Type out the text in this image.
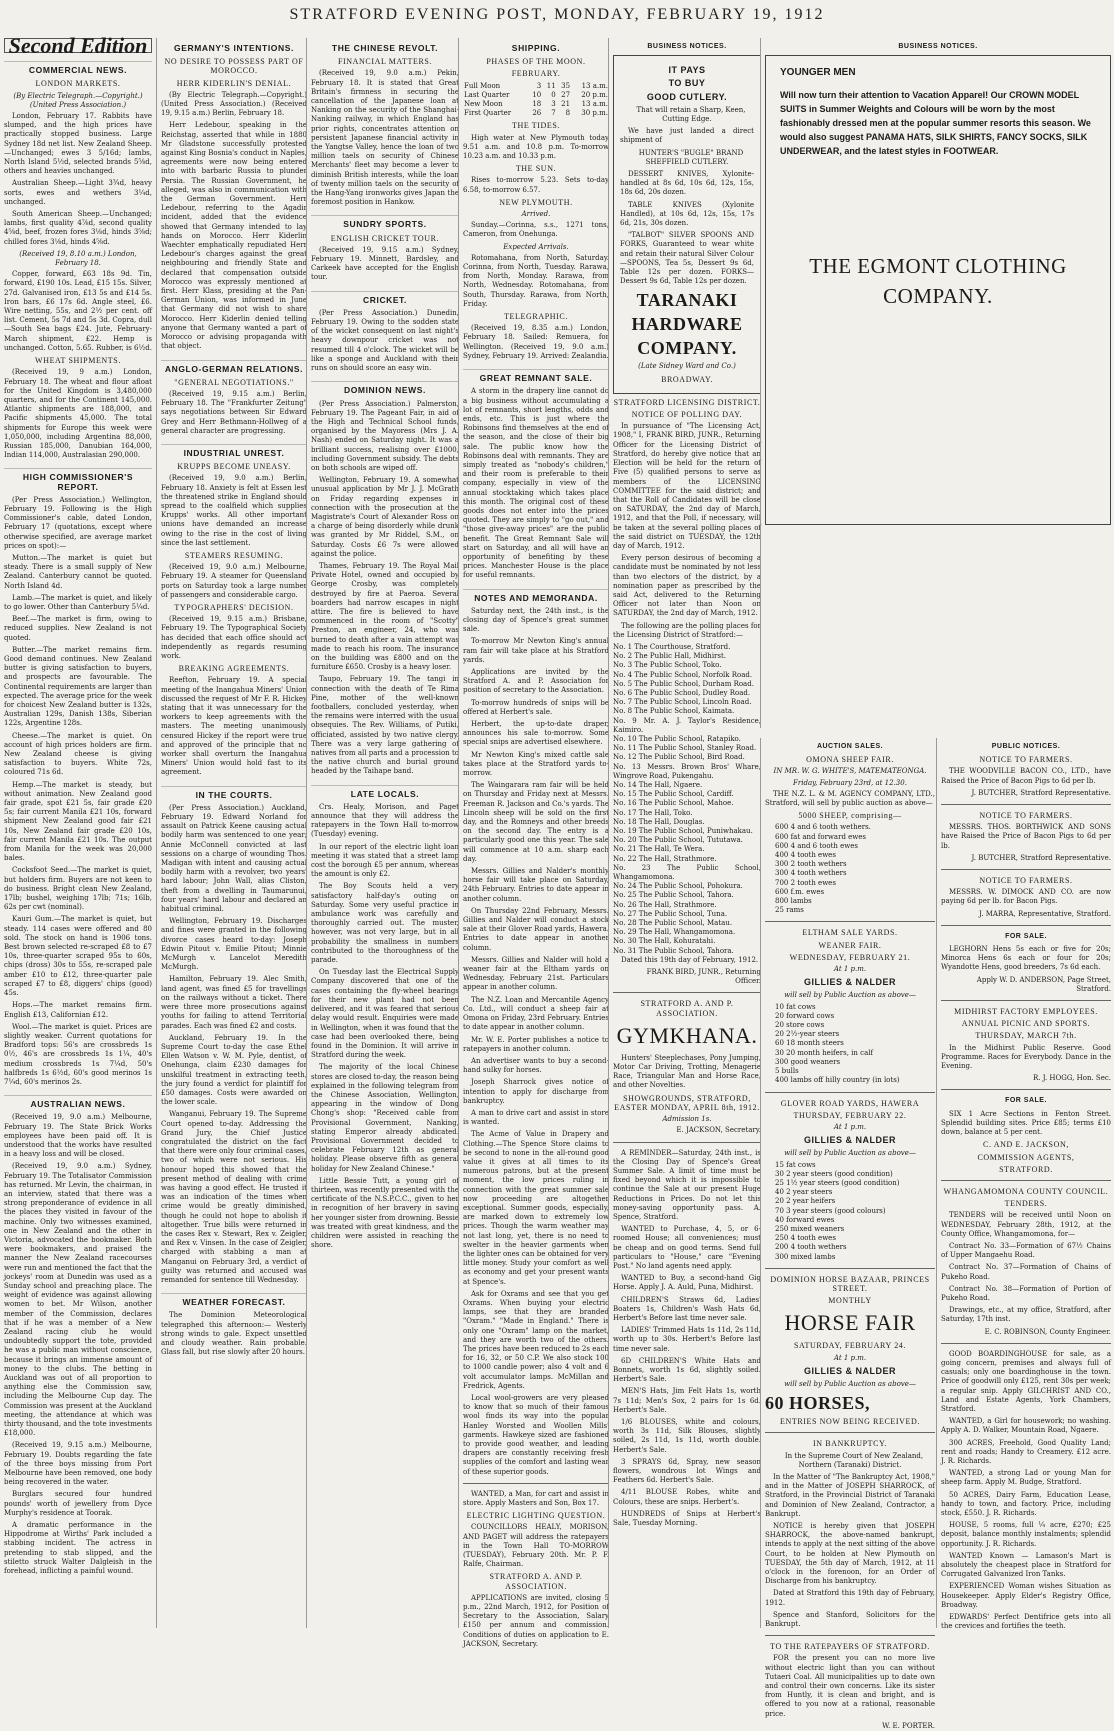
STRATFORD EVENING POST, MONDAY, FEBRUARY 19, 1912
Second Edition
COMMERCIAL NEWS.
LONDON MARKETS.
(By Electric Telegraph.—Copyright.) (United Press Association.)

London, February 17. Rabbits have slumped, and the high prices have practically stopped business. Large Sydney 18d net list. New Zealand Sheep.—Unchanged; ewes 3 5/16d; lambs, North Island 5½d, selected brands 5⅝d, others and heavies unchanged.

Australian Sheep.—Light 3¾d, heavy sorts, ewes and wethers 3¼d, unchanged.

South American Sheep.—Unchanged; lambs, first quality 4⅞d, second quality 4⅝d, beef, frozen fores 3⅛d, hinds 3⅝d; chilled fores 3⅛d, hinds 4⅝d.

(Received 19, 8.10 a.m.) London, February 18.

Copper, forward, £63 18s 9d. Tin, forward, £190 10s. Lead, £15 15s. Silver, 27d. Galvanised iron, £13 5s and £14 5s. Iron bars, £6 17s 6d. Angle steel, £6. Wire netting, 55s, and 2½ per cent. off list. Cement, 5s 7d and 5s 3d. Copra, dull—South Sea bags £24. Jute, February-March shipment, £22. Hemp is unchanged. Cotton, 5.65. Rubber, is 6½d.

WHEAT SHIPMENTS.

(Received 19, 9 a.m.) London, February 18. The wheat and flour afloat for the United Kingdom is 3,480,000 quarters, and for the Continent 145,000. Atlantic shipments are 188,000, and Pacific shipments 45,000. The total shipments for Europe this week were 1,050,000, including Argentina 88,000, Russian 185,000, Danubian 164,000, Indian 114,000, Australasian 290,000.

HIGH COMMISSIONER'S REPORT.

(Per Press Association.) Wellington, February 19. Following is the High Commissioner's cable, dated London, February 17 (quotations, except where otherwise specified, are average market prices on spot):—

Mutton.—The market is quiet but steady. There is a small supply of New Zealand. Canterbury cannot be quoted. North Island 4d.

Lamb.—The market is quiet, and likely to go lower. Other than Canterbury 5¼d.

Beef.—The market is firm, owing to reduced supplies. New Zealand is not quoted.

Butter.—The market remains firm. Good demand continues. New Zealand butter is giving satisfaction to buyers, and prospects are favourable. The Continental requirements are larger than expected. The average price for the week for choicest New Zealand butter is 132s, Australian 129s, Danish 138s, Siberian 122s, Argentine 128s.

Cheese.—The market is quiet. On account of high prices holders are firm. New Zealand cheese is giving satisfaction to buyers. White 72s, coloured 71s 6d.

Hemp.—The market is steady, but without animation. New Zealand good fair grade, spot £21 5s, fair grade £20 5s; fair current Manila £21 10s, forward shipment New Zealand good fair £21 10s, New Zealand fair grade £20 10s, fair current Manila £21 10s. The output from Manila for the week was 20,000 bales.

Cocksfoot Seed.—The market is quiet, but holders firm. Buyers are not keen to do business. Bright clean New Zealand, 17lb; bushel, weighing 17lb; 71s; 16lb, 62s per cwt (nominal).

Kauri Gum.—The market is quiet, but steady. 114 cases were offered and 80 sold. The stock on hand is 1906 tons. Best brown selected re-scraped £8 to £7 10s, three-quarter scraped 95s to 60s, chips (dross) 30s to 55s, re-scraped pale amber £10 to £12, three-quarter pale scraped £7 to £8, diggers' chips (good) 45s.

Hops.—The market remains firm. English £13, Californian £12.

Wool.—The market is quiet. Prices are slightly weaker. Current quotations for Bradford tops: 56's are crossbreds 1s 0½, 46's are crossbreds 1s 1¼, 40's medium crossbreds 1s 7¼d, 50's halfbreds 1s 6½d, 60's good merinos 1s 7¼d, 60's merinos 2s.

AUSTRALIAN NEWS.

(Received 19, 9.0 a.m.) Melbourne, February 19. The State Brick Works employees have been paid off. It is understood that the works have resulted in a heavy loss and will be closed.

(Received 19, 9.0 a.m.) Sydney, February 19. The Totalisator Commission has returned. Mr Levin, the chairman, in an interview, stated that there was a strong preponderance of evidence in all the places they visited in favour of the machine. Only two witnesses examined, one in New Zealand and the other in Victoria, advocated the bookmaker. Both were bookmakers, and praised the manner the New Zealand racecourses were run and mentioned the fact that the jockeys' room at Dunedin was used as a Sunday school and preaching place. The weight of evidence was against allowing women to bet. Mr Wilson, another member of the Commission, declares that if he was a member of a New Zealand racing club he would undoubtedly support the tote, provided he was a public man without conscience, because it brings an immense amount of money to the clubs. The betting in Auckland was out of all proportion to anything else the Commission saw, including the Melbourne Cup day. The Commission was present at the Auckland meeting, the attendance at which was thirty thousand, and the tote investments £18,000.

(Received 19, 9.15 a.m.) Melbourne, February 19. Doubts regarding the fate of the three boys missing from Port Melbourne have been removed, one body being recovered in the water.

Burglars secured four hundred pounds' worth of jewellery from Dyce Murphy's residence at Toorak.

A dramatic performance in the Hippodrome at Wirths' Park included a stabbing incident. The actress in pretending to stab slipped, and the stiletto struck Walter Dalgleish in the forehead, inflicting a painful wound.

GERMANY'S INTENTIONS.
NO DESIRE TO POSSESS PART OF MOROCCO.
HERR KIDERLIN'S DENIAL.

(By Electric Telegraph.—Copyright.) (United Press Association.) (Received 19, 9.15 a.m.) Berlin, February 18.

Herr Ledebour, speaking in the Reichstag, asserted that while in 1880 Mr Gladstone successfully protested against King Bosnia's conduct in Naples, agreements were now being entered into with barbaric Russia to plunder Persia. The Russian Government, he alleged, was also in communication with the German Government. Herr Ledebour, referring to the Agadir incident, added that the evidence showed that Germany intended to lay hands on Morocco. Herr Kiderlin Waechter emphatically repudiated Herr Ledebour's charges against the great neighbouring and friendly State and declared that compensation outside Morocco was expressly mentioned at first. Herr Klass, presiding at the Pan-German Union, was informed in June that Germany did not wish to share Morocco. Herr Kiderlin denied telling anyone that Germany wanted a part of Morocco or advising propaganda with that object.

ANGLO-GERMAN RELATIONS.
"GENERAL NEGOTIATIONS."

(Received 19, 9.15 a.m.) Berlin, February 18. The "Frankfurter Zeitung" says negotiations between Sir Edward Grey and Herr Bethmann-Hollweg of a general character are progressing.

INDUSTRIAL UNREST.
KRUPPS BECOME UNEASY.

(Received 19, 9.0 a.m.) Berlin, February 18. Anxiety is felt at Essen lest the threatened strike in England should spread to the coalfield which supplies Krupps' works. All other important unions have demanded an increase owing to the rise in the cost of living since the last settlement.

STEAMERS RESUMING.

(Received 19, 9.0 a.m.) Melbourne, February 19. A steamer for Queensland ports on Saturday took a large number of passengers and considerable cargo.

TYPOGRAPHERS' DECISION.

(Received 19, 9.15 a.m.) Brisbane, February 19. The Typographical Society has decided that each office should act independently as regards resuming work.

BREAKING AGREEMENTS.

Reefton, February 19. A special meeting of the Inangahua Miners' Union discussed the request of Mr F. R. Hickey stating that it was unnecessary for the workers to keep agreements with the masters. The meeting unanimously censured Hickey if the report were true and approved of the principle that no worker shall overturn the Inangahua Miners' Union would hold fast to its agreement.

IN THE COURTS.

(Per Press Association.) Auckland, February 19. Edward Norland for assault on Patrick Keene causing actual bodily harm was sentenced to one year; Annie McConnell convicted at last sessions on a charge of wounding Thos. Madigan with intent and causing actual bodily harm with a revolver, two years' hard labour; John Wall, alias Cliston, theft from a dwelling in Taumarunui, four years' hard labour and declared an habitual criminal.

Wellington, February 19. Discharges and fines were granted in the following divorce cases heard to-day: Joseph Edwin Pitout v. Emilie Pitout; Minnie McMurgh v. Lancelot Meredith McMurgh.

Hamilton, February 19. Alec Smith, land agent, was fined £5 for travellings on the railways without a ticket. There were three more prosecutions against youths for failing to attend Territorial parades. Each was fined £2 and costs.

Auckland, February 19. In the Supreme Court to-day the case Ethel Ellen Watson v. W. M. Pyle, dentist, of Onehunga, claim £230 damages for unskilful treatment in extracting teeth, the jury found a verdict for plaintiff for £50 damages. Costs were awarded on the lower scale.

Wanganui, February 19. The Supreme Court opened to-day. Addressing the Grand Jury, the Chief Justice congratulated the district on the fact that there were only four criminal cases, two of which were not serious. His honour hoped this showed that the present method of dealing with crime was having a good effect. He trusted it was an indication of the times when crime would be greatly diminished, though he could not hope to abolish it altogether. True bills were returned in the cases Rex v. Stewart, Rex v. Zeigler, and Rex v. Vinsen. In the case of Zeigler, charged with stabbing a man at Manganui on February 3rd, a verdict of guilty was returned and accused was remanded for sentence till Wednesday.

WEATHER FORECAST.

The Dominion Meteorological telegraphed this afternoon:— Westerly strong winds to gale. Expect unsettled and cloudy weather. Rain probable. Glass fall, but rise slowly after 20 hours.

THE CHINESE REVOLT.
FINANCIAL MATTERS.

(Received 19, 9.0 a.m.) Pekin, February 18. It is stated that Great Britain's firmness in securing the cancellation of the Japanese loan at Nanking on the security of the Shanghai-Nanking railway, in which England has prior rights, concentrates attention on persistent Japanese financial activity in the Yangtse Valley, hence the loan of two million taels on security of Chinese Merchants' fleet may become a lever to diminish British interests, while the loan of twenty million taels on the security of the Hang-Yang ironworks gives Japan the foremost position in Hankow.

SUNDRY SPORTS.
ENGLISH CRICKET TOUR.

(Received 19, 9.15 a.m.) Sydney, February 19. Minnett, Bardsley, and Carkeek have accepted for the English tour.

CRICKET.

(Per Press Association.) Dunedin, February 19. Owing to the sodden state of the wicket consequent on last night's heavy downpour cricket was not resumed till 4 o'clock. The wicket will be like a sponge and Auckland with their runs on should score an easy win.

DOMINION NEWS.

(Per Press Association.) Palmerston, February 19. The Pageant Fair, in aid of the High and Technical School funds, organised by the Mayoress (Mrs J. A. Nash) ended on Saturday night. It was a brilliant success, realising over £1000, including Government subsidy. The debts on both schools are wiped off.

Wellington, February 19. A somewhat unusual application by Mr J. J. McGrath on Friday regarding expenses in connection with the prosecution at the Magistrate's Court of Alexander Ross on a charge of being disorderly while drunk was granted by Mr Riddel, S.M., on Saturday. Costs £6 7s were allowed against the police.

Thames, February 19. The Royal Mail Private Hotel, owned and occupied by George Crosby, was completely destroyed by fire at Paeroa. Several boarders had narrow escapes in night attire. The fire is believed to have commenced in the room of "Scotty" Preston, an engineer, 24, who was burned to death after a vain attempt was made to reach his room. The insurance on the building was £800 and on the furniture £650. Crosby is a heavy loser.

Taupo, February 19. The tangi in connection with the death of Te Rima Pine, mother of the well-known footballers, concluded yesterday, when the remains were interred with the usual obsequies. The Rev. Williams, of Putiki, officiated, assisted by two native clergy. There was a very large gathering of natives from all parts and a procession to the native church and burial ground headed by the Taihape band.

LATE LOCALS.

Crs. Healy, Morison, and Paget announce that they will address the ratepayers in the Town Hall to-morrow (Tuesday) evening.

In our report of the electric light loan meeting it was stated that a street lamp cost the borough £5 per annum, whereas the amount is only £2.

The Boy Scouts held a very satisfactory half-day's outing on Saturday. Some very useful practice in ambulance work was carefully and thoroughly carried out. The muster, however, was not very large, but in all probability the smallness in numbers contributed to the thoroughness of the parade.

On Tuesday last the Electrical Supply Company discovered that one of the cases containing the fly-wheel bearings for their new plant had not been delivered, and it was feared that serious delay would result. Enquiries were made in Wellington, when it was found that the case had been overlooked there, being found in the Dominion. It will arrive in Stratford during the week.

The majority of the local Chinese stores are closed to-day, the reason being explained in the following telegram from the Chinese Association, Wellington, appearing in the window of Dong Chong's shop: "Received cable from Provisional Government, Nanking, stating Emperor already abdicated. Provisional Government decided to celebrate February 12th as general holiday. Please observe fifth as general holiday for New Zealand Chinese."

Little Bessie Tutt, a young girl of thirteen, was recently presented with the certificate of the N.S.P.C.C., given to her in recognition of her bravery in saving her younger sister from drowning. Bessie was treated with great kindness, and the children were assisted in reaching the shore.

SHIPPING.
PHASES OF THE MOON.
FEBRUARY.
Full Moon	3	11	35	13 a.m.
Last Quarter	10	0	27	20 p.m.
New Moon	18	3	21	13 a.m.
First Quarter	26	7	8	30 p.m.
THE TIDES.

High water at New Plymouth today 9.51 a.m. and 10.8 p.m. To-morrow 10.23 a.m. and 10.33 p.m.

THE SUN.

Rises to-morrow 5.23. Sets to-day 6.58, to-morrow 6.57.

NEW PLYMOUTH.
Arrived.

Sunday.—Corinna, s.s., 1271 tons, Cameron, from Onehunga.

Expected Arrivals.

Rotomahana, from North, Saturday. Corinna, from North, Tuesday. Rarawa, from North, Monday. Rarawa, from North, Wednesday. Rotomahana, from South, Thursday. Rarawa, from North, Friday.

TELEGRAPHIC.

(Received 19, 8.35 a.m.) London, February 18. Sailed: Remuera, for Wellington. (Received 19, 9.0 a.m.) Sydney, February 19. Arrived: Zealandia.

GREAT REMNANT SALE.

A storm in the drapery line cannot do a big business without accumulating a lot of remnants, short lengths, odds and ends, etc. This is just where the Robinsons find themselves at the end of the season, and the close of their big sale. The public know how the Robinsons deal with remnants. They are simply treated as "nobody's children," and their room is preferable to their company, especially in view of the annual stocktaking which takes place this month. The original cost of these goods does not enter into the prices quoted. They are simply to "go out," and "those give-away prices" are the public benefit. The Great Remnant Sale will start on Saturday, and all will have an opportunity of benefiting by these prices. Manchester House is the place for useful remnants.

NOTES AND MEMORANDA.

Saturday next, the 24th inst., is the closing day of Spence's great summer sale.

To-morrow Mr Newton King's annual ram fair will take place at his Stratford yards.

Applications are invited by the Stratford A. and P. Association for position of secretary to the Association.

To-morrow hundreds of snips will be offered at Herbert's sale.

Herbert, the up-to-date draper, announces his sale to-morrow. Some special snips are advertised elsewhere.

Mr Newton King's mixed cattle sale takes place at the Stratford yards to-morrow.

The Waingarara ram fair will be held on Thursday and Friday next at Messrs. Freeman R. Jackson and Co.'s yards. The Lincoln sheep will be sold on the first day, and the Romneys and other breeds on the second day. The entry is a particularly good one this year. The sale will commence at 10 a.m. sharp each day.

Messrs. Gillies and Nalder's monthly horse fair will take place on Saturday, 24th February. Entries to date appear in another column.

On Thursday 22nd February, Messrs. Gillies and Nalder will conduct a stock sale at their Glover Road yards, Hawera. Entries to date appear in another column.

Messrs. Gillies and Nalder will hold a weaner fair at the Eltham yards on Wednesday, February 21st. Particulars appear in another column.

The N.Z. Loan and Mercantile Agency Co. Ltd., will conduct a sheep fair at Omona on Friday, 23rd February. Entries to date appear in another column.

Mr. W. E. Porter publishes a notice to ratepayers in another column.

An advertiser wants to buy a second-hand sulky for horses.

Joseph Sharrock gives notice of intention to apply for discharge from bankruptcy.

A man to drive cart and assist in store is wanted.

The Acme of Value in Drapery and Clothing.—The Spence Store claims to be second to none in the all-round good value it gives at all times to its numerous patrons, but at the present moment, the low prices ruling in connection with the great summer sale now proceeding are altogether exceptional. Summer goods, especially, are marked down to extremely low prices. Though the warm weather may not last long, yet, there is no need to swelter in the heavier garments when the lighter ones can be obtained for very little money. Study your comfort as well as economy and get your present wants at Spence's.

Ask for Oxrams and see that you get Oxrams. When buying your electric lamps, see that they are branded "Oxram." "Made in England." There is only one "Oxram" lamp on the market, and they are worth two of the others. The prices have been reduced to 2s each for 16, 32, or 50 C.P. We also stock 100 to 1000 candle power; also 4 volt and 6 volt accumulator lamps. McMillan and Fredrick, Agents.

Local wool-growers are very pleased to know that so much of their famous wool finds its way into the popular Hanley Worsted and Woollen Mills' garments. Hawkeye sized are fashioned to provide good weather, and leading drapers are constantly receiving fresh supplies of the comfort and lasting wear of these superior goods.

WANTED, a Man, for cart and assist in store. Apply Masters and Son, Box 17.

ELECTRIC LIGHTING QUESTION.

COUNCILLORS HEALY, MORISON, AND PAGET will address the ratepayers in the Town Hall TO-MORROW (TUESDAY), February 20th. Mr. P. F. Ralfe, Chairman.

STRATFORD A. AND P. ASSOCIATION.

APPLICATIONS are invited, closing 5 p.m., 22nd March, 1912, for Position of Secretary to the Association, Salary £150 per annum and commission. Conditions of duties on application to E. JACKSON, Secretary.

BUSINESS NOTICES.
IT PAYS
TO BUY
GOOD CUTLERY.

That will retain a Sharp, Keen, Cutting Edge.

We have just landed a direct shipment of

HUNTER'S "BUGLE" BRAND SHEFFIELD CUTLERY.

DESSERT KNIVES, Xylonite-handled at 8s 6d, 10s 6d, 12s, 15s, 18s 6d, 20s dozen.

TABLE KNIVES (Xylonite Handled), at 10s 6d, 12s, 15s, 17s 6d, 21s, 30s dozen.

"TALBOT" SILVER SPOONS AND FORKS, Guaranteed to wear white and retain their natural Silver Colour—SPOONS, Tea 5s, Dessert 9s 6d, Table 12s per dozen. FORKS—Dessert 9s 6d, Table 12s per dozen.

TARANAKI
HARDWARE
COMPANY.
(Late Sidney Ward and Co.)
BROADWAY.
STRATFORD LICENSING DISTRICT.
NOTICE OF POLLING DAY.

In pursuance of "The Licensing Act, 1908," I, FRANK BIRD, JUNR., Returning Officer for the Licensing District of Stratford, do hereby give notice that an Election will be held for the return of Five (5) qualified persons to serve as members of the LICENSING COMMITTEE for the said district; and that the Roll of Candidates will be close on SATURDAY, the 2nd day of March, 1912, and that the Poll, if necessary, will be taken at the several polling places of the said district on TUESDAY, the 12th day of March, 1912.

Every person desirous of becoming a candidate must be nominated by not less than two electors of the district, by a nomination paper as prescribed by the said Act, delivered to the Returning Officer not later than Noon on SATURDAY, the 2nd day of March, 1912.

The following are the polling places for the Licensing District of Stratford:—

No. 1 The Courthouse, Stratford.
No. 2 The Public Hall, Midhirst.
No. 3 The Public School, Toko.
No. 4 The Public School, Norfolk Road.
No. 5 The Public School, Durham Road.
No. 6 The Public School, Dudley Road.
No. 7 The Public School, Lincoln Road.
No. 8 The Public School, Kaimata.
No. 9 Mr. A. J. Taylor's Residence, Kaimiro.
No. 10 The Public School, Ratapiko.
No. 11 The Public School, Stanley Road.
No. 12 The Public School, Bird Road.
No. 13 Messrs. Brown Bros' Whare, Wingrove Road, Pukengahu.
No. 14 The Hall, Ngaere.
No. 15 The Public School, Cardiff.
No. 16 The Public School, Mahoe.
No. 17 The Hall, Toko.
No. 18 The Hall, Douglas.
No. 19 The Public School, Puniwhakau.
No. 20 The Public School, Tututawa.
No. 21 The Hall, Te Wera.
No. 22 The Hall, Strathmore.
No. 23 The Public School, Whangamomona.
No. 24 The Public School, Pohokura.
No. 25 The Public School, Tahora.
No. 26 The Hall, Strathmore.
No. 27 The Public School, Tuna.
No. 28 The Public School, Matau.
No. 29 The Hall, Whangamomona.
No. 30 The Hall, Kohuratahi.
No. 31 The Public School, Tahora.

Dated this 19th day of February, 1912.

FRANK BIRD, JUNR., Returning Officer.

STRATFORD A. AND P. ASSOCIATION.
GYMKHANA.

Hunters' Steeplechases, Pony Jumping, Motor Car Driving, Trotting, Menagerie Race, Triangular Man and Horse Race, and other Novelties.

SHOWGROUNDS, STRATFORD, EASTER MONDAY, APRIL 8th, 1912.
Admission 1s.

E. JACKSON, Secretary.

A REMINDER—Saturday, 24th inst., is the Closing Day of Spence's Great Summer Sale. A limit of time must be fixed beyond which it is impossible to continue the Sale at our present Huge Reductions in Prices. Do not let this money-saving opportunity pass. A. Spence, Stratford.

WANTED to Purchase, 4, 5, or 6-roomed House; all conveniences; must be cheap and on good terms. Send full particulars to "House," care "Evening Post." No land agents need apply.

WANTED to Buy, a second-hand Gig Horse. Apply J. A. Auld, Puna, Midhirst.

CHILDREN'S Straws 6d, Ladies' Boaters 1s, Children's Wash Hats 6d, Herbert's Before last time never sale.

LADIES' Trimmed Hats 1s 11d, 2s 11d, worth up to 30s. Herbert's Before last time never sale.

6D CHILDREN'S White Hats and Bonnets, worth 1s 6d, slightly soiled. Herbert's Sale.

MEN'S Hats, Jim Felt Hats 1s, worth 7s 11d; Men's Sox, 2 pairs for 1s 6d. Herbert's Sale.

1/6 BLOUSES, white and colours, worth 3s 11d, Silk Blouses, slightly soiled, 2s 11d, 1s 11d, worth double. Herbert's Sale.

3 SPRAYS 6d, Spray, new season flowers, wondrous lot Wings and Feathers 6d. Herbert's Sale.

4/11 BLOUSE Robes, white and Colours, these are snips. Herbert's.

HUNDREDS of Snips at Herbert's Sale, Tuesday Morning.

BUSINESS NOTICES.
YOUNGER MEN
Will now turn their attention to Vacation Apparel! Our CROWN MODEL SUITS in Summer Weights and Colours will be worn by the most fashionably dressed men at the popular summer resorts this season. We would also suggest PANAMA HATS, SILK SHIRTS, FANCY SOCKS, SILK UNDERWEAR, and the latest styles in FOOTWEAR.
THE EGMONT CLOTHING
COMPANY.
AUCTION SALES.
OMONA SHEEP FAIR.
IN MR. W. G. WHITE'S, MATEMATEONGA.
Friday, February 23rd, at 12.30.

THE N.Z. L. & M. AGENCY COMPANY, LTD., Stratford, will sell by public auction as above—

5000 SHEEP, comprising—
600 4 and 6 tooth wethers.
600 fat and forward ewes
600 4 and 6 tooth ewes
400 4 tooth ewes
300 2 tooth wethers
300 4 tooth wethers
700 2 tooth ewes
600 f.m. ewes
800 lambs
25 rams
ELTHAM SALE YARDS.
WEANER FAIR.
WEDNESDAY, FEBRUARY 21.
At 1 p.m.
GILLIES & NALDER
will sell by Public Auction as above—
10 fat cows
20 forward cows
20 store cows
20 2½-year steers
60 18 month steers
30 20 month heifers, in calf
300 good weaners
5 bulls
400 lambs off hilly country (in lots)
GLOVER ROAD YARDS, HAWERA
THURSDAY, FEBRUARY 22.
At 1 p.m.
GILLIES & NALDER
will sell by Public Auction as above—
15 fat cows
30 2 year steers (good condition)
25 1½ year steers (good condition)
40 2 year steers
20 2 year heifers
70 3 year steers (good colours)
40 forward ewes
250 mixed weaners
250 4 tooth ewes
200 4 tooth wethers
300 mixed lambs
DOMINION HORSE BAZAAR, PRINCES STREET.
MONTHLY
HORSE FAIR
SATURDAY, FEBRUARY 24.
At 1 p.m.
GILLIES & NALDER
will sell by Public Auction as above—
60 HORSES,
ENTRIES NOW BEING RECEIVED.
IN BANKRUPTCY.

In the Supreme Court of New Zealand, Northern (Taranaki) District.

In the Matter of "The Bankruptcy Act, 1908," and in the Matter of JOSEPH SHARROCK, of Stratford, in the Provincial District of Taranaki and Dominion of New Zealand, Contractor, a Bankrupt.

NOTICE is hereby given that JOSEPH SHARROCK, the above-named bankrupt, intends to apply at the next sitting of the above Court, to be holden at New Plymouth on TUESDAY, the 5th day of March, 1912, at 11 o'clock in the forenoon, for an Order of Discharge from his bankruptcy.

Dated at Stratford this 19th day of February, 1912.

Spence and Stanford, Solicitors for the Bankrupt.

TO THE RATEPAYERS OF STRATFORD.

FOR the present you can no more live without electric light than you can without Tutaeri Coal. All municipalities up to date own and control their own concerns. Like its sister from Huntly, it is clean and bright, and is offered to you now at a rational, reasonable price.

W. E. PORTER.

PUBLIC NOTICES.
NOTICE TO FARMERS.

THE WOODVILLE BACON CO., LTD., have Raised the Price of Bacon Pigs to 6d per lb.

J. BUTCHER, Stratford Representative.

NOTICE TO FARMERS.

MESSRS. THOS. BORTHWICK AND SONS have Raised the Price of Bacon Pigs to 6d per lb.

J. BUTCHER, Stratford Representative.

NOTICE TO FARMERS.

MESSRS. W. DIMOCK AND CO. are now paying 6d per lb. for Bacon Pigs.

J. MARRA, Representative, Stratford.

FOR SALE.

LEGHORN Hens 5s each or five for 20s; Minorca Hens 6s each or four for 20s; Wyandotte Hens, good breeders, 7s 6d each.

Apply W. D. ANDERSON, Page Street, Stratford.

MIDHIRST FACTORY EMPLOYEES.
ANNUAL PICNIC AND SPORTS.
THURSDAY, MARCH 7th.

In the Midhirst Public Reserve. Good Programme. Races for Everybody. Dance in the Evening.

R. J. HOGG, Hon. Sec.

FOR SALE.

SIX 1 Acre Sections in Fenton Street. Splendid building sites. Price £85; terms £10 down, balance at 5 per cent.

C. AND E. JACKSON,
COMMISSION AGENTS,
STRATFORD.
WHANGAMOMONA COUNTY COUNCIL.
TENDERS.

TENDERS will be received until Noon on WEDNESDAY, February 28th, 1912, at the County Office, Whangamomona, for—

Contract No. 33—Formation of 67½ Chains of Upper Mangaehu Road.

Contract No. 37—Formation of Chains of Pukeho Road.

Contract No. 38—Formation of Portion of Pukeho Road.

Drawings, etc., at my office, Stratford, after Saturday, 17th inst.

E. C. ROBINSON, County Engineer.

GOOD BOARDINGHOUSE for sale, as a going concern, premises and always full of casuals; only one boardinghouse in the town. Price of goodwill only £125, rent 30s per week; a regular snip. Apply GILCHRIST AND CO., Land and Estate Agents, York Chambers, Stratford.

WANTED, a Girl for housework; no washing. Apply A. D. Walker, Mountain Road, Ngaere.

300 ACRES, Freehold, Good Quality Land; rent and roads; Handy to Creamery. £12 acre. J. R. Richards.

WANTED, a strong Lad or young Man for sheep farm. Apply M. Budge, Stratford.

50 ACRES, Dairy Farm, Education Lease, handy to town, and factory. Price, including stock, £550. J. R. Richards.

HOUSE, 5 rooms, full ¼ acre, £270; £25 deposit, balance monthly instalments; splendid opportunity. J. R. Richards.

WANTED Known — Lamason's Mart is absolutely the cheapest place in Stratford for Corrugated Galvanized Iron Tanks.

EXPERIENCED Woman wishes Situation as Housekeeper. Apply Elder's Registry Office, Broadway.

EDWARDS' Perfect Dentifrice gets into all the crevices and fortifies the teeth.
